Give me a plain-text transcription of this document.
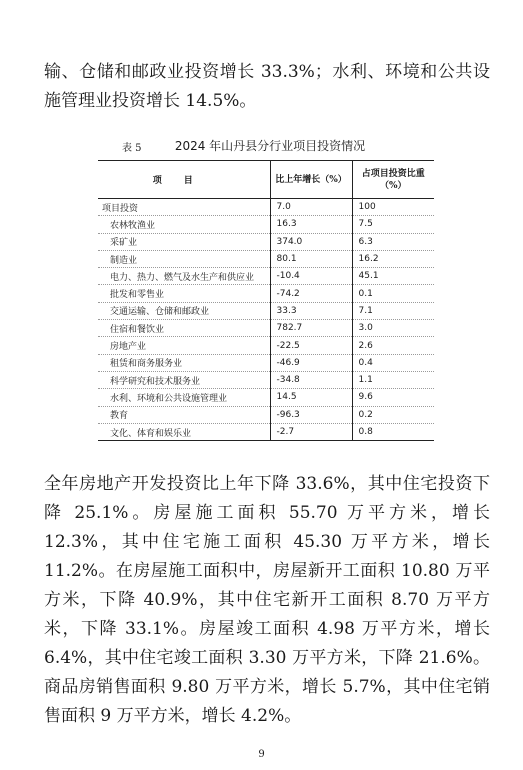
输、仓储和邮政业投资增长 33.3%；水利、环境和公共设施管理业投资增长 14.5%。

表 5	2024 年山丹县分行业项目投资情况
项目	比上年增长（%）	占项目投资比重（%）
项目投资	7.0	100
农林牧渔业	16.3	7.5
采矿业	374.0	6.3
制造业	80.1	16.2
电力、热力、燃气及水生产和供应业	-10.4	45.1
批发和零售业	-74.2	0.1
交通运输、仓储和邮政业	33.3	7.1
住宿和餐饮业	782.7	3.0
房地产业	-22.5	2.6
租赁和商务服务业	-46.9	0.4
科学研究和技术服务业	-34.8	1.1
水利、环境和公共设施管理业	14.5	9.6
教育	-96.3	0.2
文化、体育和娱乐业	-2.7	0.8

全年房地产开发投资比上年下降 33.6%，其中住宅投资下降 25.1%。房屋施工面积 55.70 万平方米，增长 12.3%，其中住宅施工面积 45.30 万平方米，增长 11.2%。在房屋施工面积中，房屋新开工面积 10.80 万平方米，下降 40.9%，其中住宅新开工面积 8.70 万平方米，下降 33.1%。房屋竣工面积 4.98 万平方米，增长 6.4%，其中住宅竣工面积 3.30 万平方米，下降 21.6%。商品房销售面积 9.80 万平方米，增长 5.7%，其中住宅销售面积 9 万平方米，增长 4.2%。

9
